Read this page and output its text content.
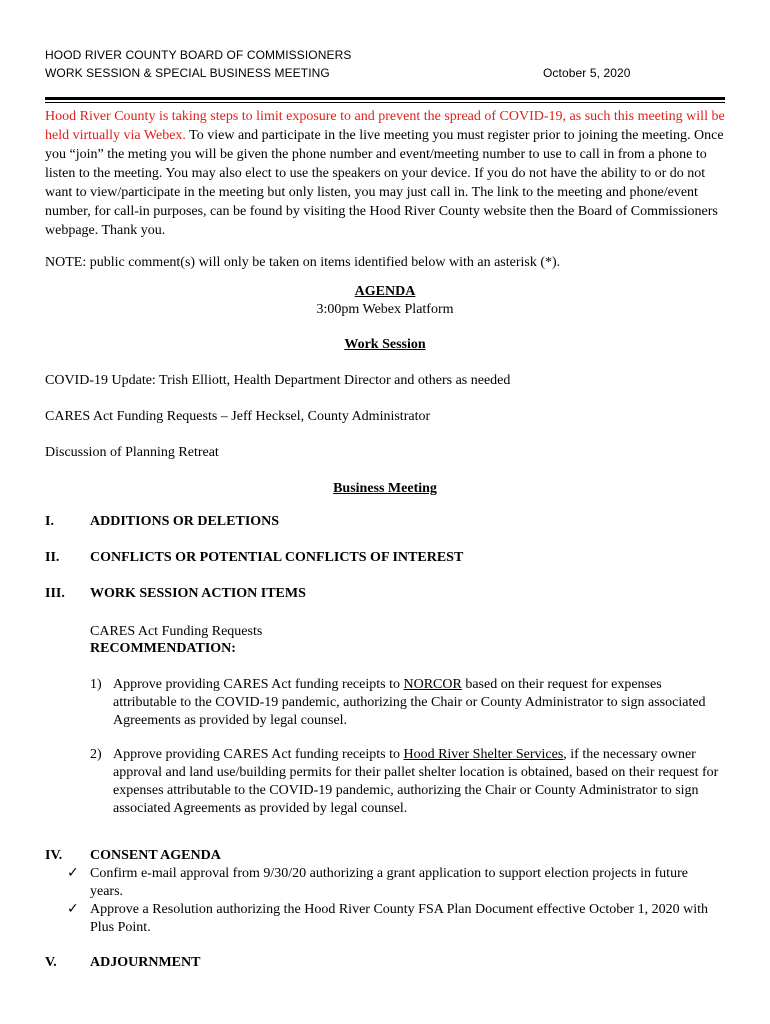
HOOD RIVER COUNTY BOARD OF COMMISSIONERS
WORK SESSION & SPECIAL BUSINESS MEETING	October 5, 2020
Hood River County is taking steps to limit exposure to and prevent the spread of COVID-19, as such this meeting will be held virtually via Webex. To view and participate in the live meeting you must register prior to joining the meeting. Once you “join” the meting you will be given the phone number and event/meeting number to use to call in from a phone to listen to the meeting. You may also elect to use the speakers on your device. If you do not have the ability to or do not want to view/participate in the meeting but only listen, you may just call in. The link to the meeting and phone/event number, for call-in purposes, can be found by visiting the Hood River County website then the Board of Commissioners webpage. Thank you.
NOTE: public comment(s) will only be taken on items identified below with an asterisk (*).
AGENDA
3:00pm Webex Platform
Work Session
COVID-19 Update: Trish Elliott, Health Department Director and others as needed
CARES Act Funding Requests – Jeff Hecksel, County Administrator
Discussion of Planning Retreat
Business Meeting
I.	ADDITIONS OR DELETIONS
II. CONFLICTS OR POTENTIAL CONFLICTS OF INTEREST
III. WORK SESSION ACTION ITEMS
CARES Act Funding Requests
RECOMMENDATION:
1) Approve providing CARES Act funding receipts to NORCOR based on their request for expenses attributable to the COVID-19 pandemic, authorizing the Chair or County Administrator to sign associated Agreements as provided by legal counsel.
2) Approve providing CARES Act funding receipts to Hood River Shelter Services, if the necessary owner approval and land use/building permits for their pallet shelter location is obtained, based on their request for expenses attributable to the COVID-19 pandemic, authorizing the Chair or County Administrator to sign associated Agreements as provided by legal counsel.
IV. CONSENT AGENDA
✓ Confirm e-mail approval from 9/30/20 authorizing a grant application to support election projects in future years.
✓ Approve a Resolution authorizing the Hood River County FSA Plan Document effective October 1, 2020 with Plus Point.
V. ADJOURNMENT
